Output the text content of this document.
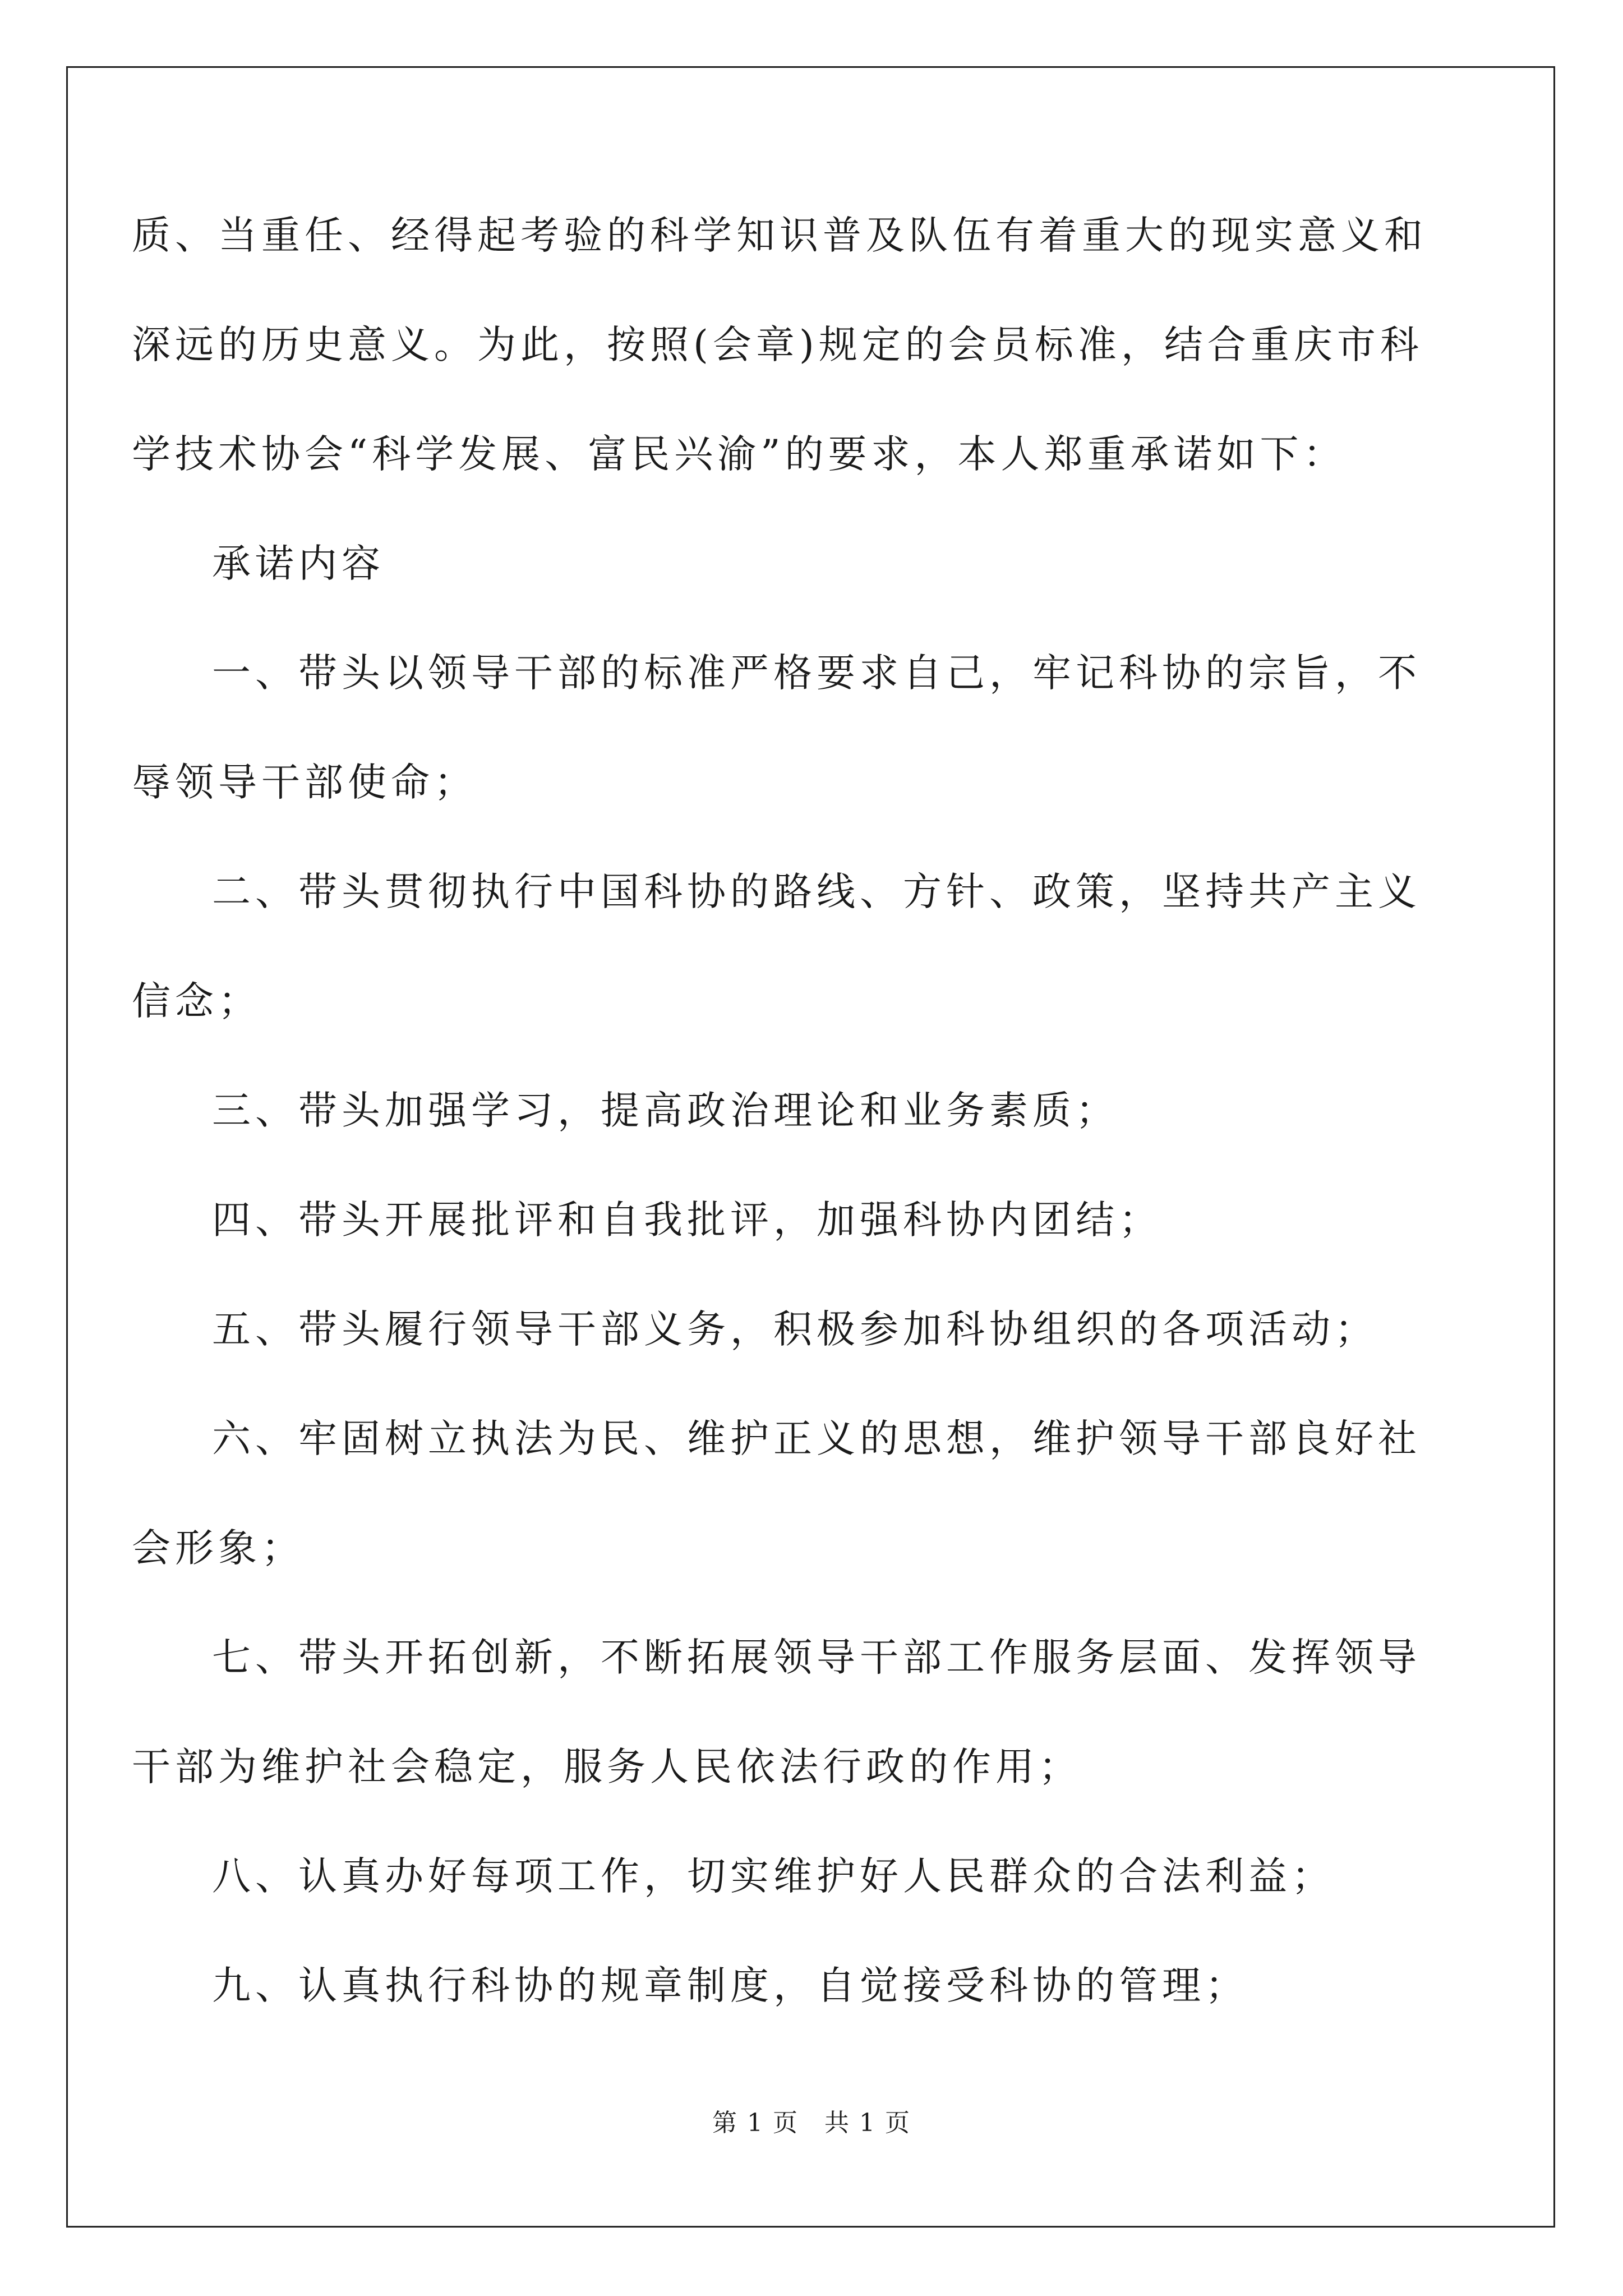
质、当重任、经得起考验的科学知识普及队伍有着重大的现实意义和
深远的历史意义。为此，按照(会章)规定的会员标准，结合重庆市科
学技术协会“科学发展、富民兴渝”的要求，本人郑重承诺如下：
承诺内容
一、带头以领导干部的标准严格要求自己，牢记科协的宗旨，不
辱领导干部使命；
二、带头贯彻执行中国科协的路线、方针、政策，坚持共产主义
信念；
三、带头加强学习，提高政治理论和业务素质；
四、带头开展批评和自我批评，加强科协内团结；
五、带头履行领导干部义务，积极参加科协组织的各项活动；
六、牢固树立执法为民、维护正义的思想，维护领导干部良好社
会形象；
七、带头开拓创新，不断拓展领导干部工作服务层面、发挥领导
干部为维护社会稳定，服务人民依法行政的作用；
八、认真办好每项工作，切实维护好人民群众的合法利益；
九、认真执行科协的规章制度，自觉接受科协的管理；
第 1 页　共 1 页
